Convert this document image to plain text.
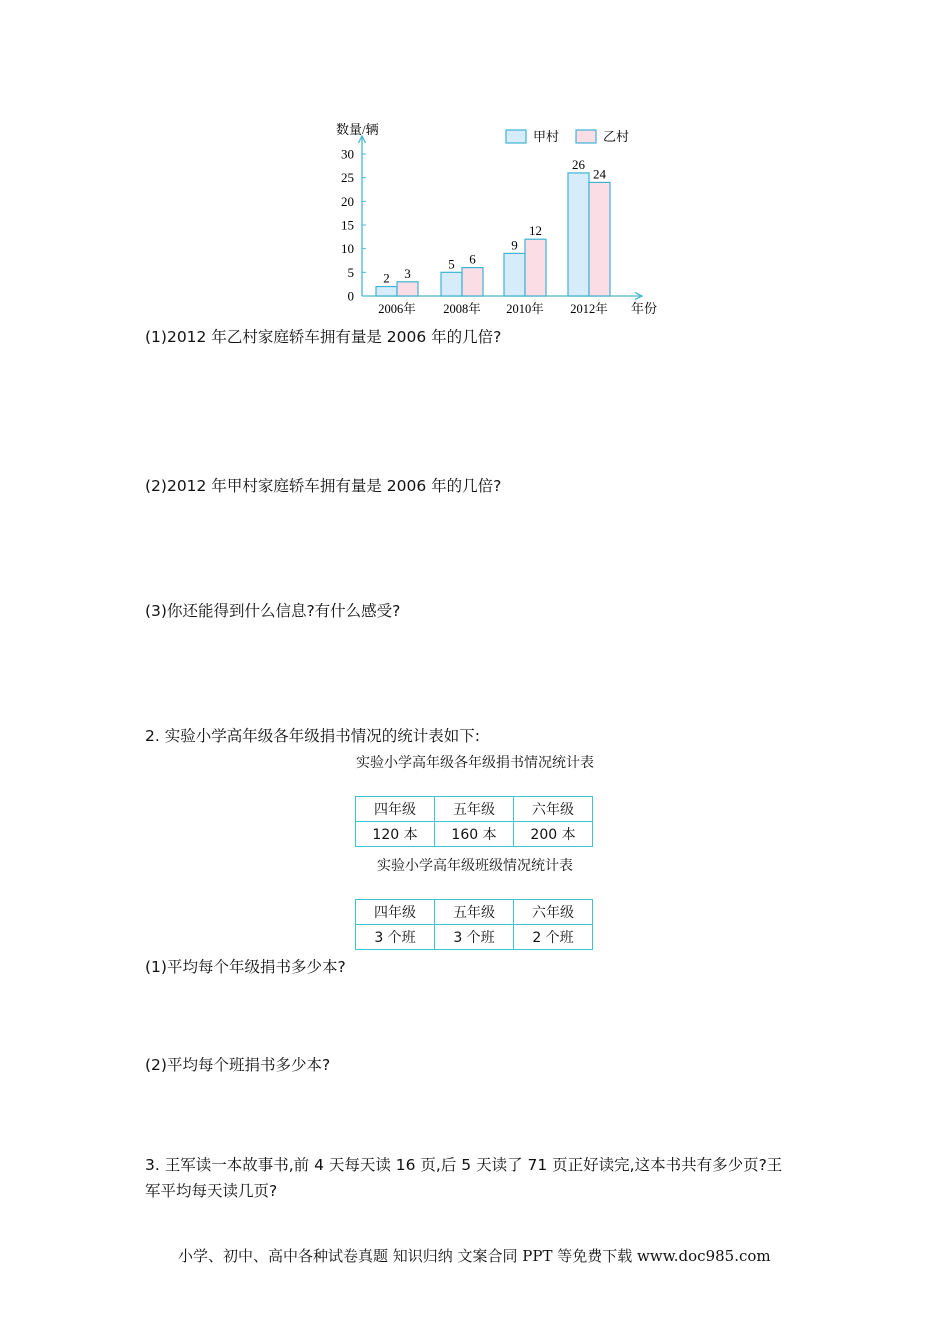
0
5
10
15
20
25
30
数量/辆
2 3
2006年
5 6
2008年
9
12
2010年
26
24
2012年 年份
甲村	乙村
(1)2012 年乙村家庭轿车拥有量是 2006 年的几倍?
(2)2012 年甲村家庭轿车拥有量是 2006 年的几倍?
(3)你还能得到什么信息?有什么感受?
2. 实验小学高年级各年级捐书情况的统计表如下:
实验小学高年级各年级捐书情况统计表
四年级	五年级	六年级
120 本	160 本	200 本
实验小学高年级班级情况统计表
四年级	五年级	六年级
3 个班	3 个班	2 个班
(1)平均每个年级捐书多少本?
(2)平均每个班捐书多少本?
3. 王军读一本故事书,前 4 天每天读 16 页,后 5 天读了 71 页正好读完,这本书共有多少页?王
军平均每天读几页?
小学、初中、高中各种试卷真题 知识归纳 文案合同 PPT 等免费下载 www.doc985.com
